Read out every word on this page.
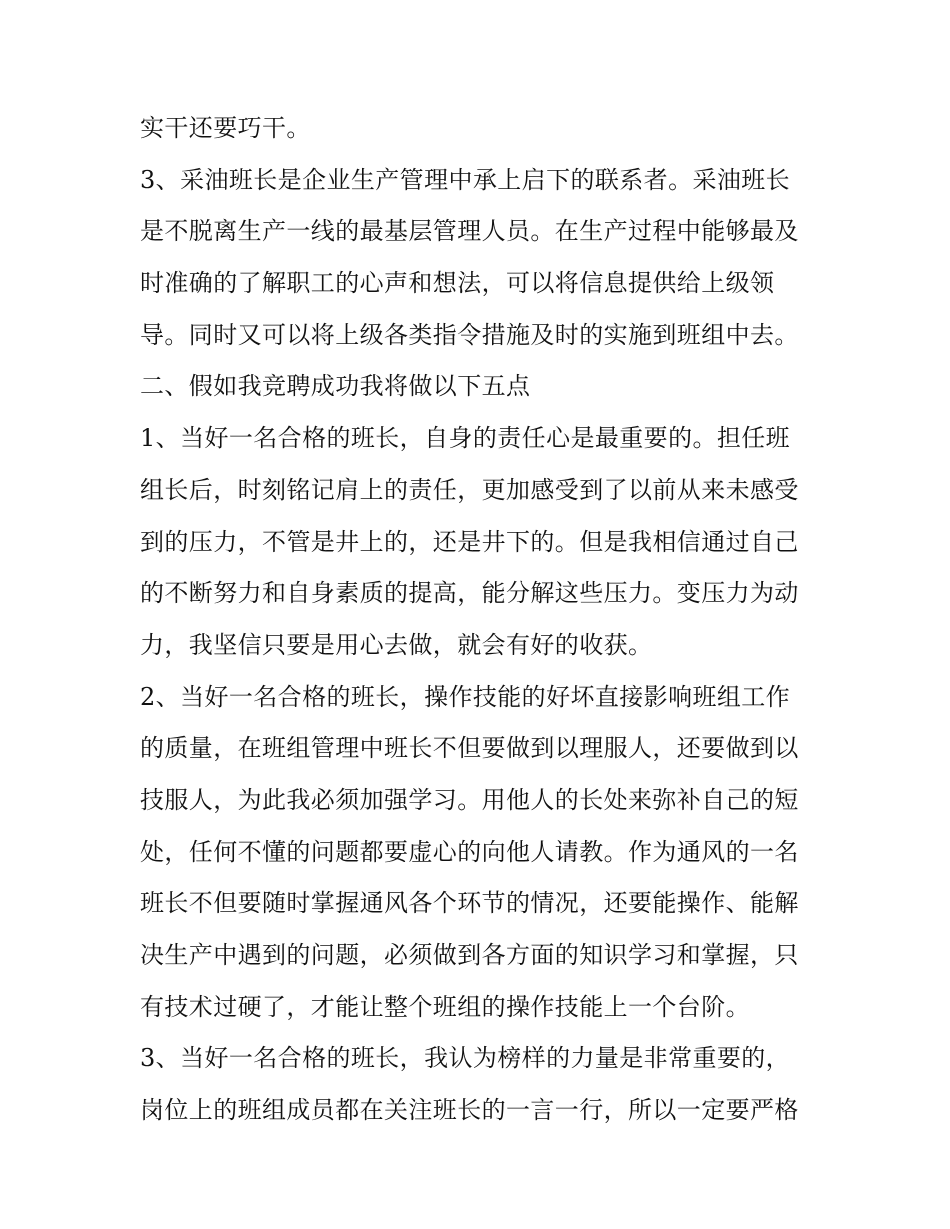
实干还要巧干。
3、采油班长是企业生产管理中承上启下的联系者。采油班长
是不脱离生产一线的最基层管理人员。在生产过程中能够最及
时准确的了解职工的心声和想法，可以将信息提供给上级领
导。同时又可以将上级各类指令措施及时的实施到班组中去。
二、假如我竞聘成功我将做以下五点
1、当好一名合格的班长，自身的责任心是最重要的。担任班
组长后，时刻铭记肩上的责任，更加感受到了以前从来未感受
到的压力，不管是井上的，还是井下的。但是我相信通过自己
的不断努力和自身素质的提高，能分解这些压力。变压力为动
力，我坚信只要是用心去做，就会有好的收获。
2、当好一名合格的班长，操作技能的好坏直接影响班组工作
的质量，在班组管理中班长不但要做到以理服人，还要做到以
技服人，为此我必须加强学习。用他人的长处来弥补自己的短
处，任何不懂的问题都要虚心的向他人请教。作为通风的一名
班长不但要随时掌握通风各个环节的情况，还要能操作、能解
决生产中遇到的问题，必须做到各方面的知识学习和掌握，只
有技术过硬了，才能让整个班组的操作技能上一个台阶。
3、当好一名合格的班长，我认为榜样的力量是非常重要的，
岗位上的班组成员都在关注班长的一言一行，所以一定要严格
